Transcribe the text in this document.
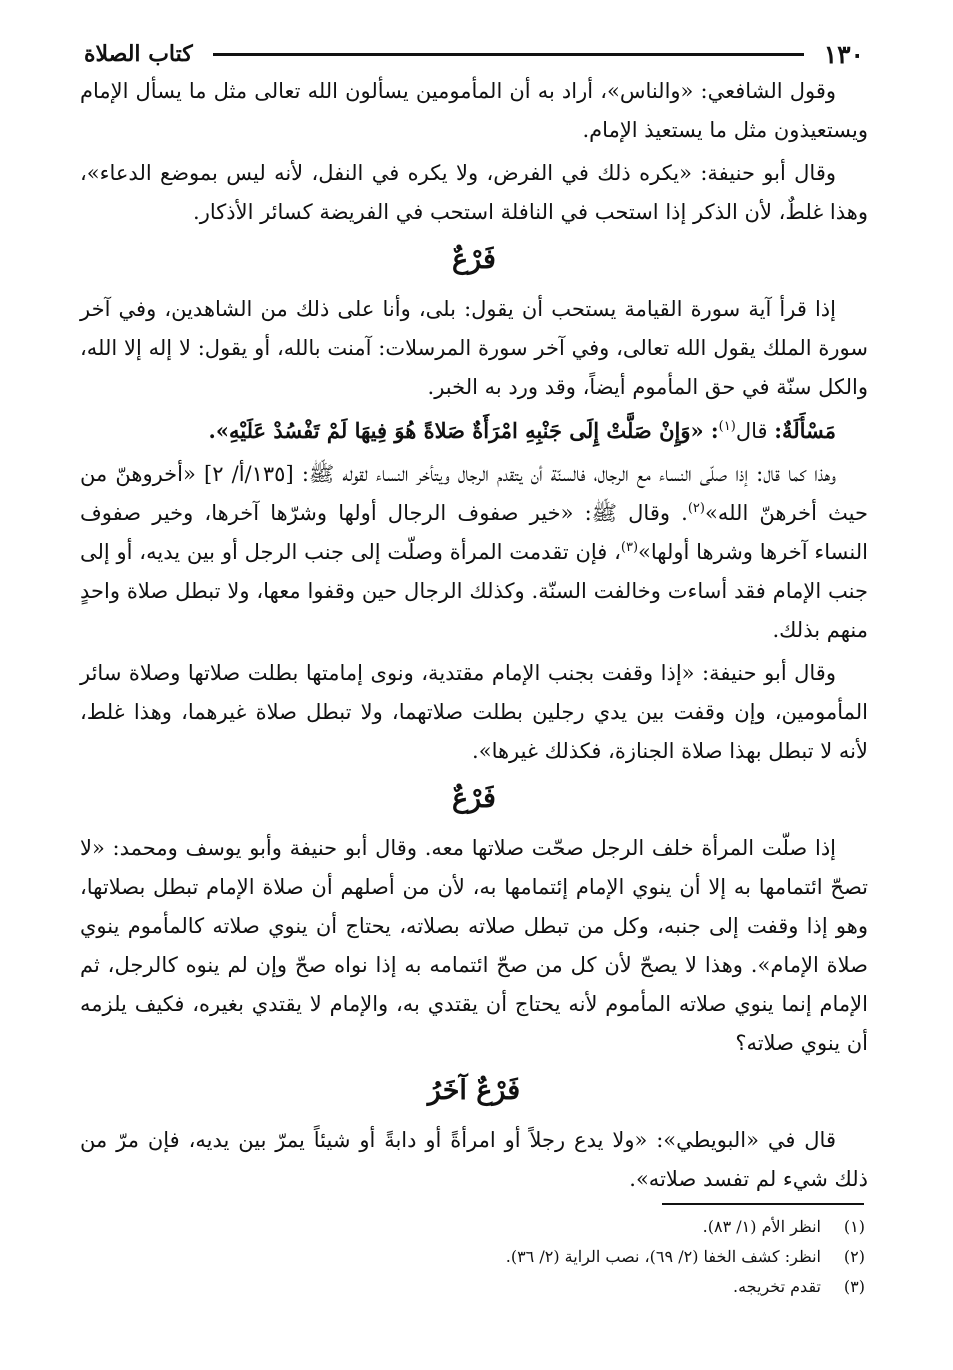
١٣٠
كتاب الصلاة

وقول الشافعي: «والناس»، أراد به أن المأمومين يسألون الله تعالى مثل ما يسأل الإمام ويستعيذون مثل ما يستعيذ الإمام.

وقال أبو حنيفة: «يكره ذلك في الفرض، ولا يكره في النفل، لأنه ليس بموضع الدعاء»، وهذا غلطٌ، لأن الذكر إذا استحب في النافلة استحب في الفريضة كسائر الأذكار.

فَرْعٌ

إذا قرأ آية سورة القيامة يستحب أن يقول: بلى، وأنا على ذلك من الشاهدين، وفي آخر سورة الملك يقول الله تعالى، وفي آخر سورة المرسلات: آمنت بالله، أو يقول: لا إله إلا الله، والكل سنّة في حق المأموم أيضاً، وقد ورد به الخبر.

مَسْأَلَةٌ: قال$^{(١)}$: «وَإِنْ صَلَّتْ إِلَى جَنْبِهِ امْرَأَةٌ صَلاةً هُوَ فِيهَا لَمْ تَفْسُدْ عَلَيْهِ».

وهذا كما قال: إذا صلّى النساء مع الرجال، فالسنّة أن يتقدم الرجال ويتأخر النساء لقوله ﷺ: [١٣٥/أ/ ٢] «أخروهنّ من حيث أخرهنّ الله»$^{(٢)}$. وقال ﷺ: «خير صفوف الرجال أولها وشرّها آخرها، وخير صفوف النساء آخرها وشرها أولها»$^{(٣)}$، فإن تقدمت المرأة وصلّت إلى جنب الرجل أو بين يديه، أو إلى جنب الإمام فقد أساءت وخالفت السنّة. وكذلك الرجال حين وقفوا معها، ولا تبطل صلاة واحدٍ منهم بذلك.

وقال أبو حنيفة: «إذا وقفت بجنب الإمام مقتدية، ونوى إمامتها بطلت صلاتها وصلاة سائر المأمومين، وإن وقفت بين يدي رجلين بطلت صلاتهما، ولا تبطل صلاة غيرهما، وهذا غلط، لأنه لا تبطل بهذا صلاة الجنازة، فكذلك غيرها».

فَرْعٌ

إذا صلّت المرأة خلف الرجل صحّت صلاتها معه. وقال أبو حنيفة وأبو يوسف ومحمد: «لا تصحّ ائتمامها به إلا أن ينوي الإمام إئتمامها به، لأن من أصلهم أن صلاة الإمام تبطل بصلاتها، وهو إذا وقفت إلى جنبه، وكل من تبطل صلاته بصلاته، يحتاج أن ينوي صلاته كالمأموم ينوي صلاة الإمام». وهذا لا يصحّ لأن كل من صحّ ائتمامه به إذا نواه صحّ وإن لم ينوه كالرجل، ثم الإمام إنما ينوي صلاته المأموم لأنه يحتاج أن يقتدي به، والإمام لا يقتدي بغيره، فكيف يلزمه أن ينوي صلاته؟

فَرْعٌ آخَرُ

قال في «البويطي»: «ولا يدع رجلاً أو امرأةً أو دابةً أو شيئاً يمرّ بين يديه، فإن مرّ من ذلك شيء لم تفسد صلاته».

(١)
انظر الأم (١/ ٨٣).
(٢)
انظر: كشف الخفا (٢/ ٦٩)، نصب الراية (٢/ ٣٦).
(٣)
تقدم تخريجه.
